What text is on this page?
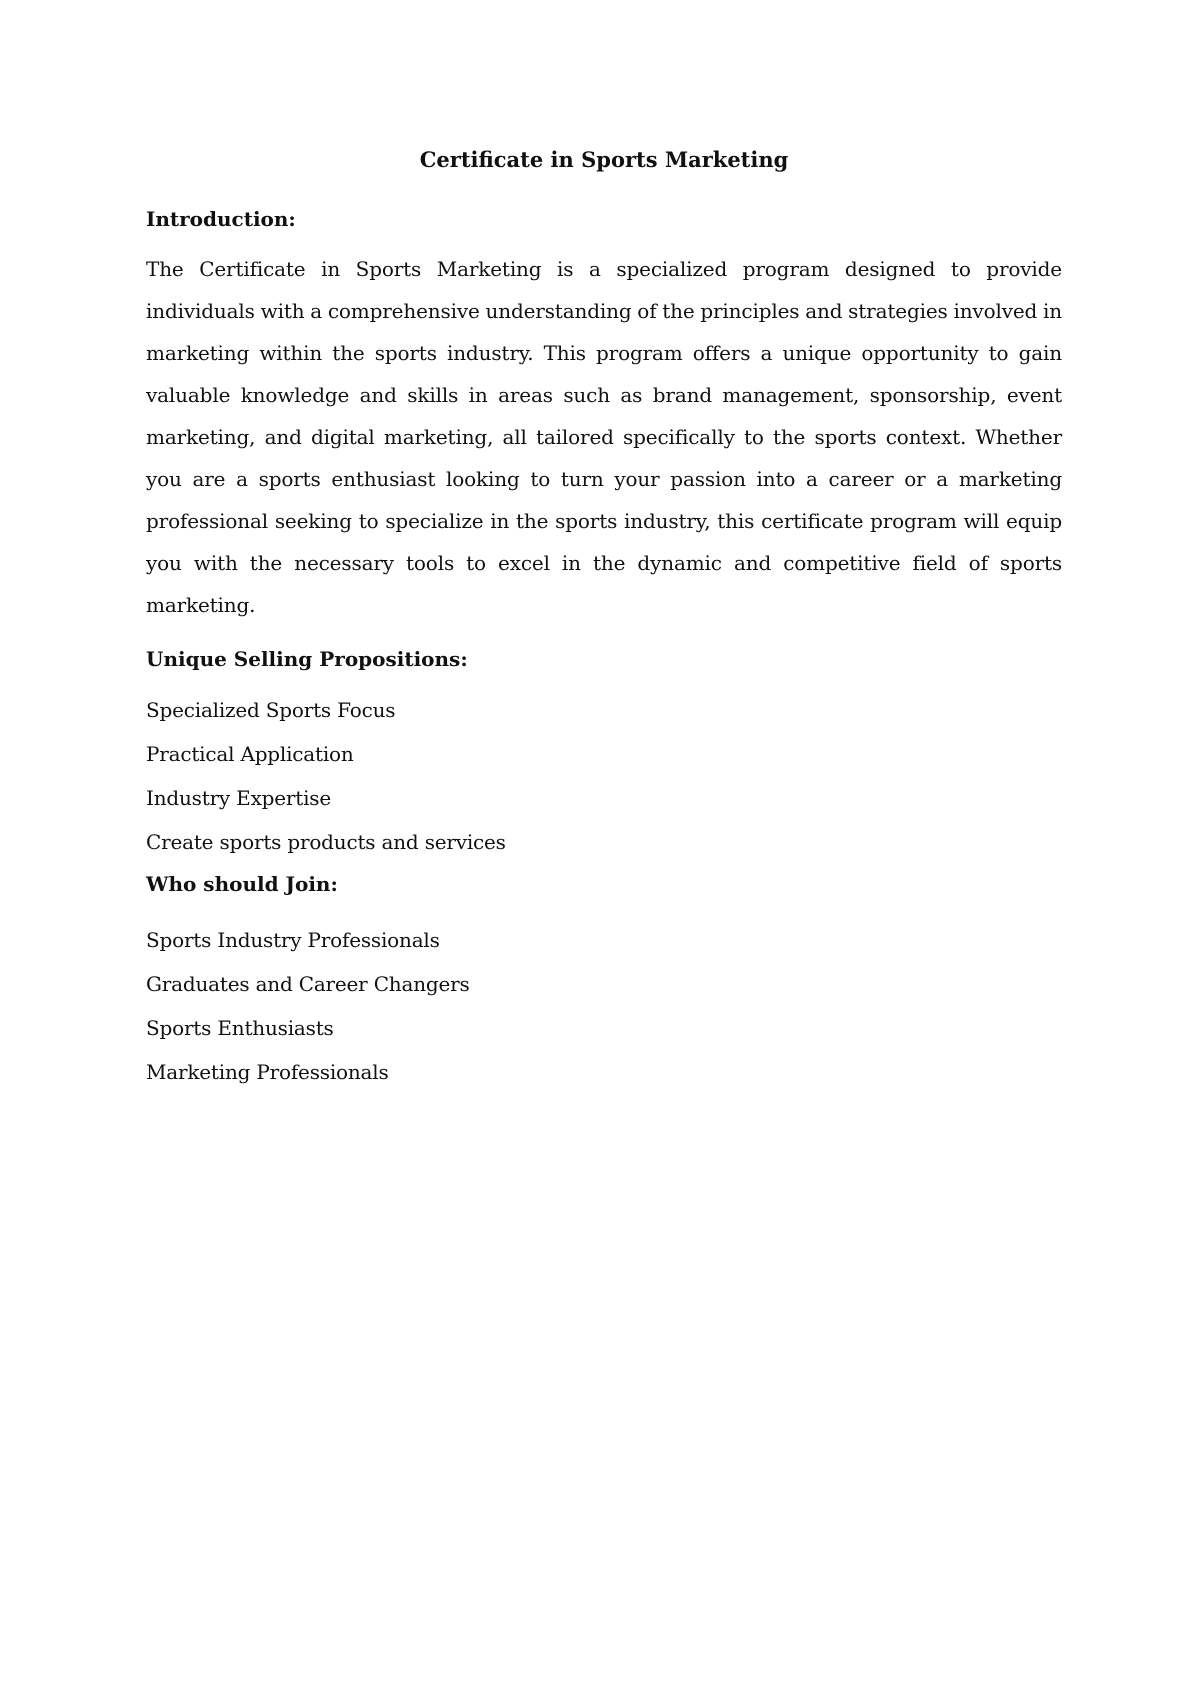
Certificate in Sports Marketing
Introduction:

The Certificate in Sports Marketing is a specialized program designed to provide individuals with a comprehensive understanding of the principles and strategies involved in marketing within the sports industry. This program offers a unique opportunity to gain valuable knowledge and skills in areas such as brand management, sponsorship, event marketing, and digital marketing, all tailored specifically to the sports context. Whether you are a sports enthusiast looking to turn your passion into a career or a marketing professional seeking to specialize in the sports industry, this certificate program will equip you with the necessary tools to excel in the dynamic and competitive field of sports marketing.

Unique Selling Propositions:
Specialized Sports Focus
Practical Application
Industry Expertise
Create sports products and services
Who should Join:
Sports Industry Professionals
Graduates and Career Changers
Sports Enthusiasts
Marketing Professionals
